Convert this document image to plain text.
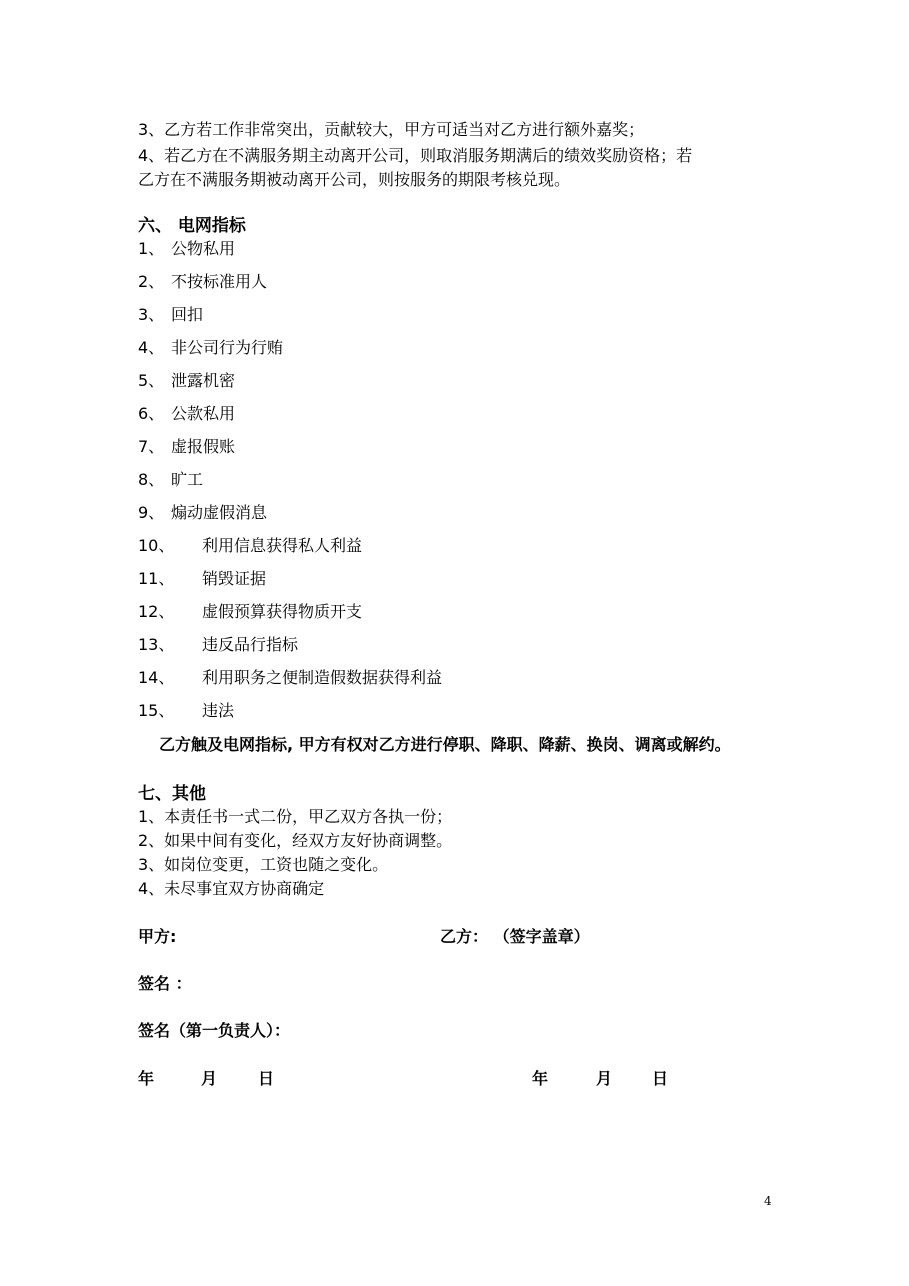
3、乙方若工作非常突出，贡献较大，甲方可适当对乙方进行额外嘉奖；
4、若乙方在不满服务期主动离开公司，则取消服务期满后的绩效奖励资格；若
乙方在不满服务期被动离开公司，则按服务的期限考核兑现。
六、 电网指标
1、 公物私用
2、 不按标准用人
3、 回扣
4、 非公司行为行贿
5、 泄露机密
6、 公款私用
7、 虚报假账
8、 旷工
9、 煽动虚假消息
10、 利用信息获得私人利益
11、 销毁证据
12、 虚假预算获得物质开支
13、 违反品行指标
14、 利用职务之便制造假数据获得利益
15、 违法
乙方触及电网指标, 甲方有权对乙方进行停职、降职、降薪、换岗、调离或解约。
七、其他
1、本责任书一式二份，甲乙双方各执一份；
2、如果中间有变化，经双方友好协商调整。
3、如岗位变更，工资也随之变化。
4、未尽事宜双方协商确定
甲方:	乙方： （签字盖章）
签名 ：
签名（第一负责人）：
年	月	日	年	月 日
4
